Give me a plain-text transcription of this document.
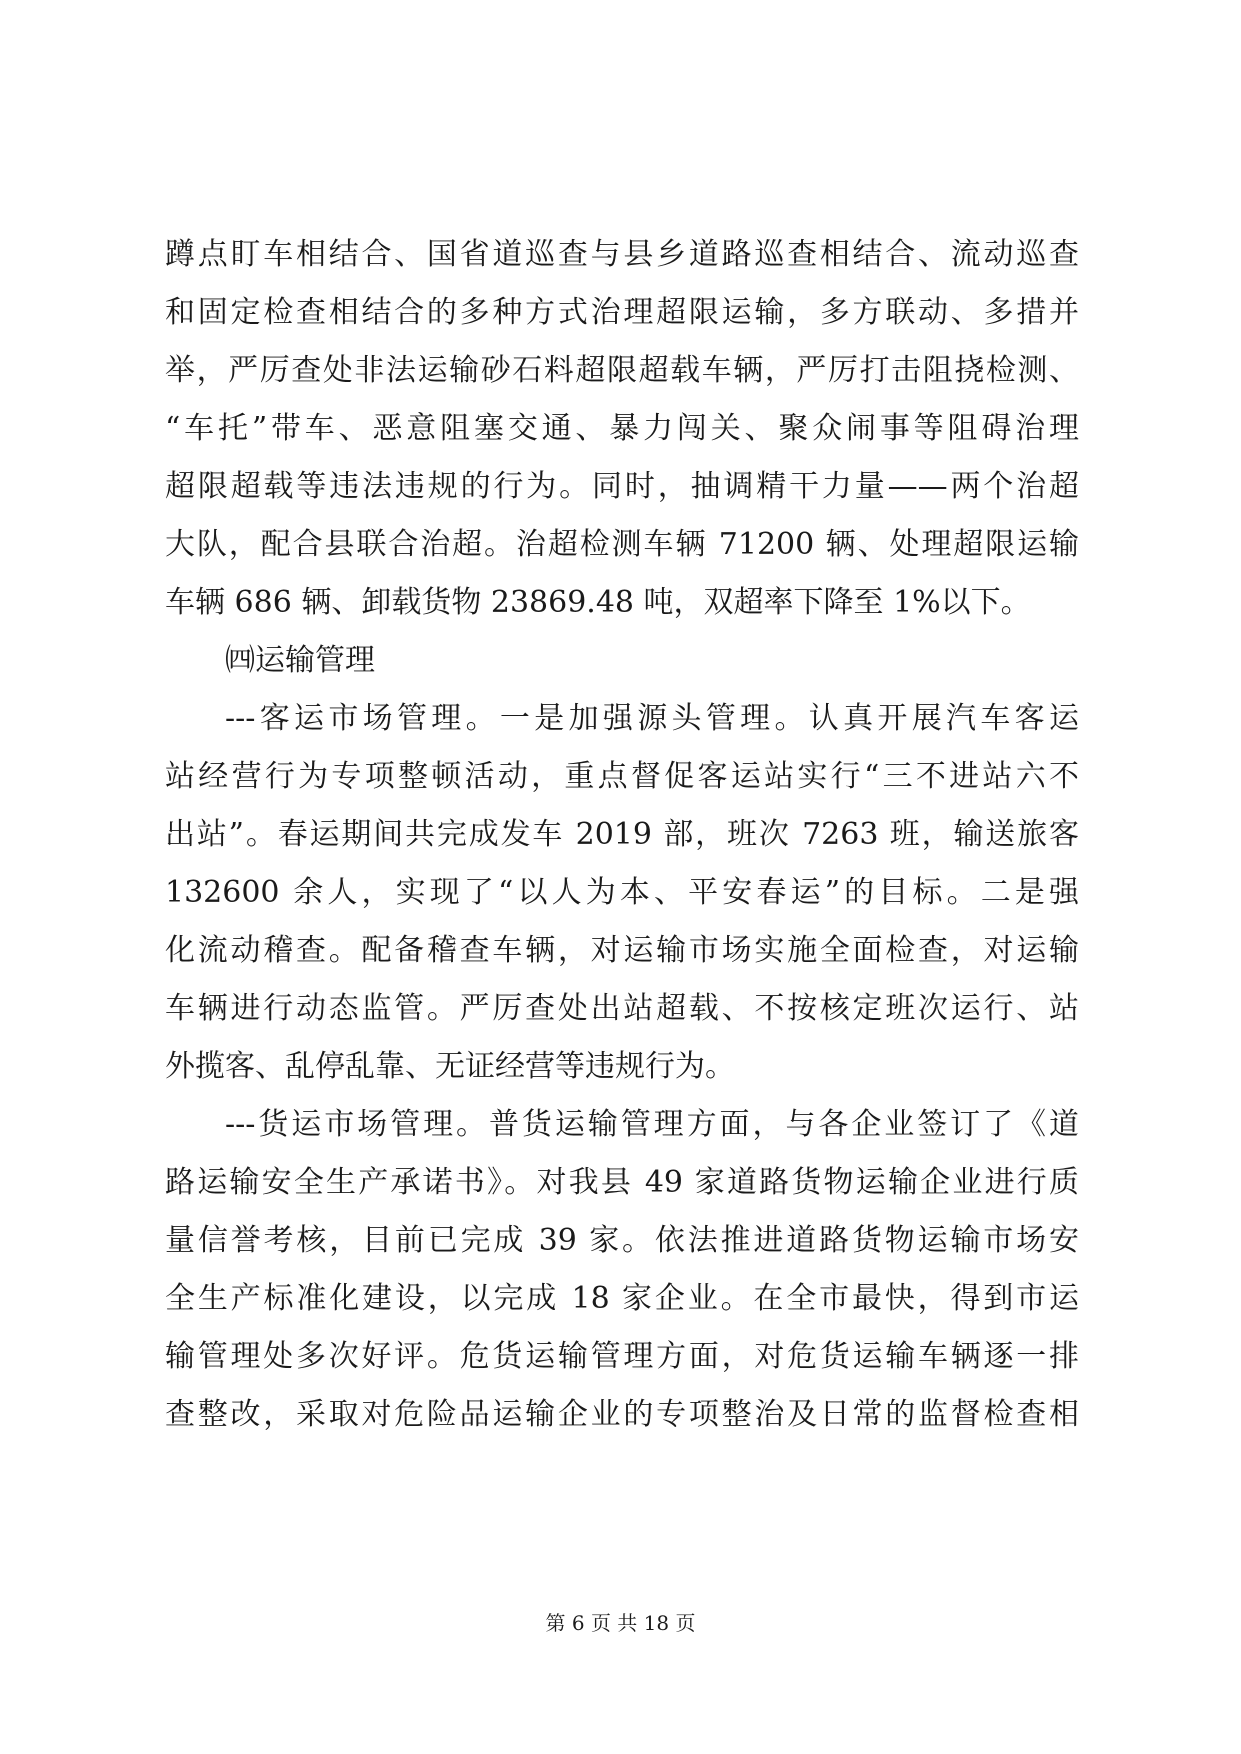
蹲点盯车相结合、国省道巡查与县乡道路巡查相结合、流动巡查
和固定检查相结合的多种方式治理超限运输，多方联动、多措并
举，严厉查处非法运输砂石料超限超载车辆，严厉打击阻挠检测、
“车托”带车、恶意阻塞交通、暴力闯关、聚众闹事等阻碍治理
超限超载等违法违规的行为。同时，抽调精干力量——两个治超
大队，配合县联合治超。治超检测车辆 71200 辆、处理超限运输
车辆 686 辆、卸载货物 23869.48 吨，双超率下降至 1%以下。
㈣运输管理
---客运市场管理。一是加强源头管理。认真开展汽车客运
站经营行为专项整顿活动，重点督促客运站实行“三不进站六不
出站”。春运期间共完成发车 2019 部，班次 7263 班，输送旅客
132600 余人，实现了“以人为本、平安春运”的目标。二是强
化流动稽查。配备稽查车辆，对运输市场实施全面检查，对运输
车辆进行动态监管。严厉查处出站超载、不按核定班次运行、站
外揽客、乱停乱靠、无证经营等违规行为。
---货运市场管理。普货运输管理方面，与各企业签订了《道
路运输安全生产承诺书》。对我县 49 家道路货物运输企业进行质
量信誉考核，目前已完成 39 家。依法推进道路货物运输市场安
全生产标准化建设，以完成 18 家企业。在全市最快，得到市运
输管理处多次好评。危货运输管理方面，对危货运输车辆逐一排
查整改，采取对危险品运输企业的专项整治及日常的监督检查相
第 6 页 共 18 页
